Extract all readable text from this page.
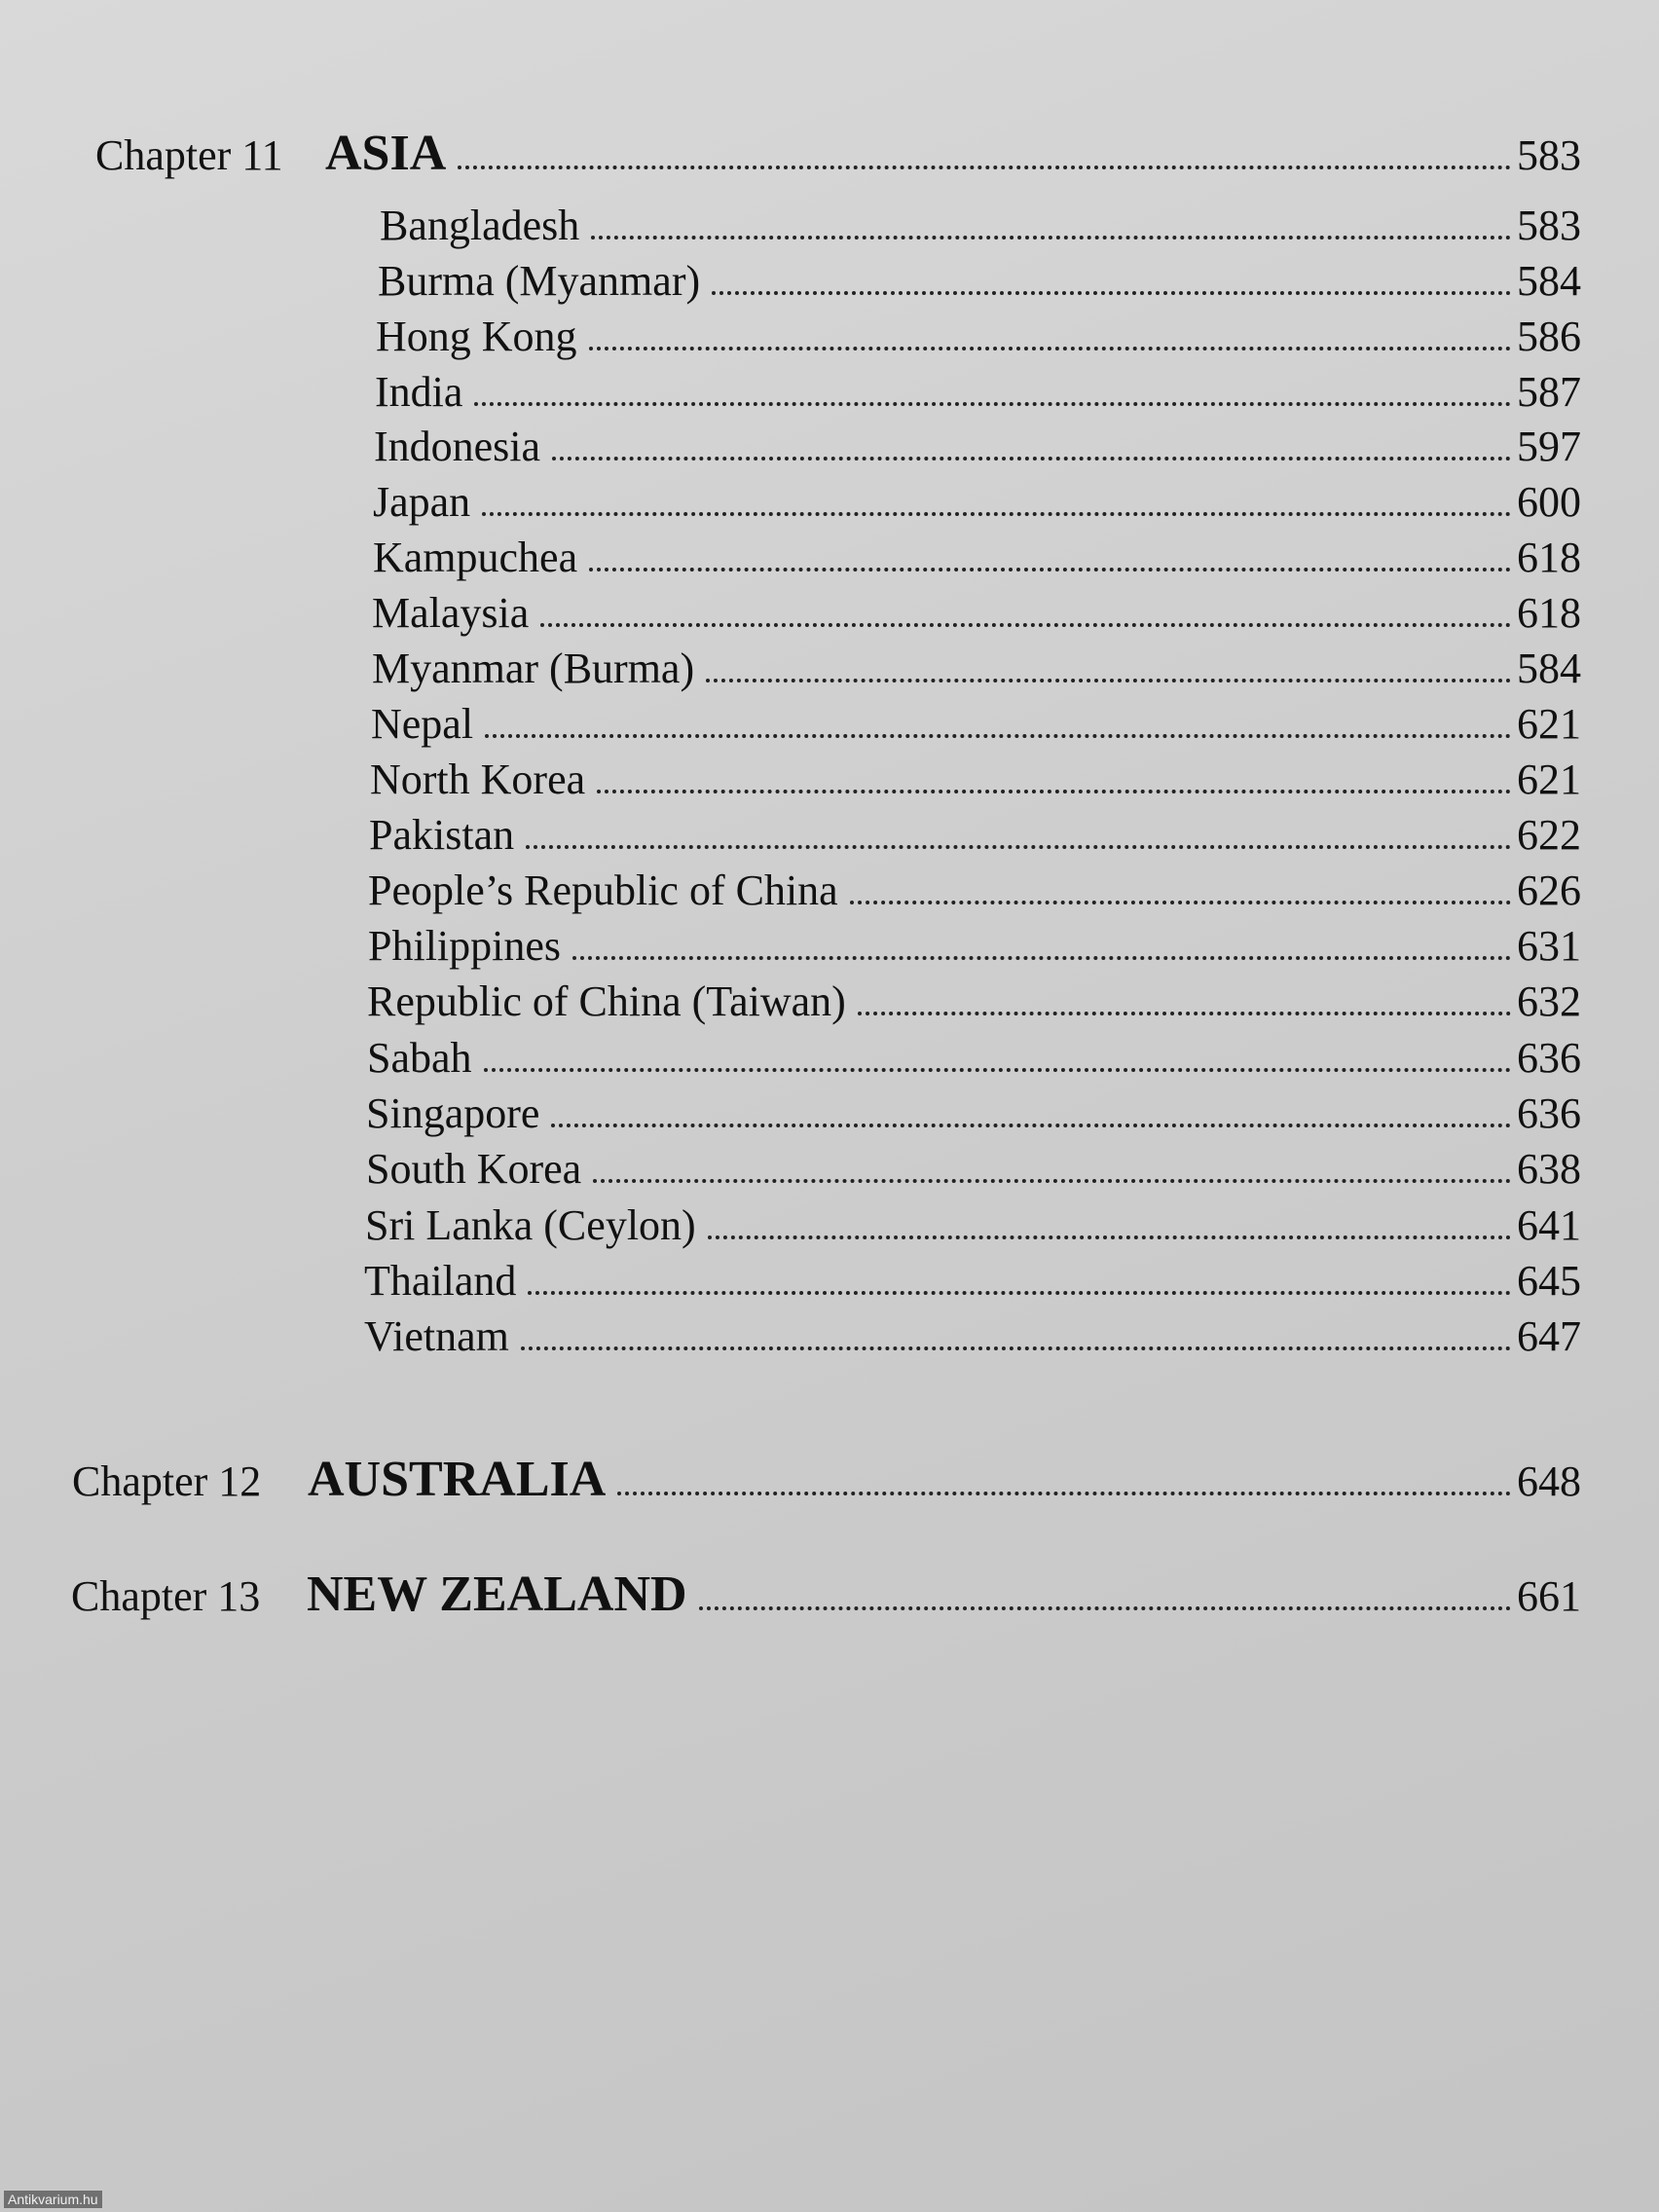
Chapter 11 ASIA	583
Bangladesh	583
Burma (Myanmar)	584
Hong Kong	586
India	587
Indonesia	597
Japan	600
Kampuchea	618
Malaysia	618
Myanmar (Burma)	584
Nepal	621
North Korea	621
Pakistan	622
People’s Republic of China	626
Philippines	631
Republic of China (Taiwan)	632
Sabah	636
Singapore	636
South Korea	638
Sri Lanka (Ceylon)	641
Thailand	645
Vietnam	647
Chapter 12 AUSTRALIA	648
Chapter 13 NEW ZEALAND	661
Antikvarium.hu
